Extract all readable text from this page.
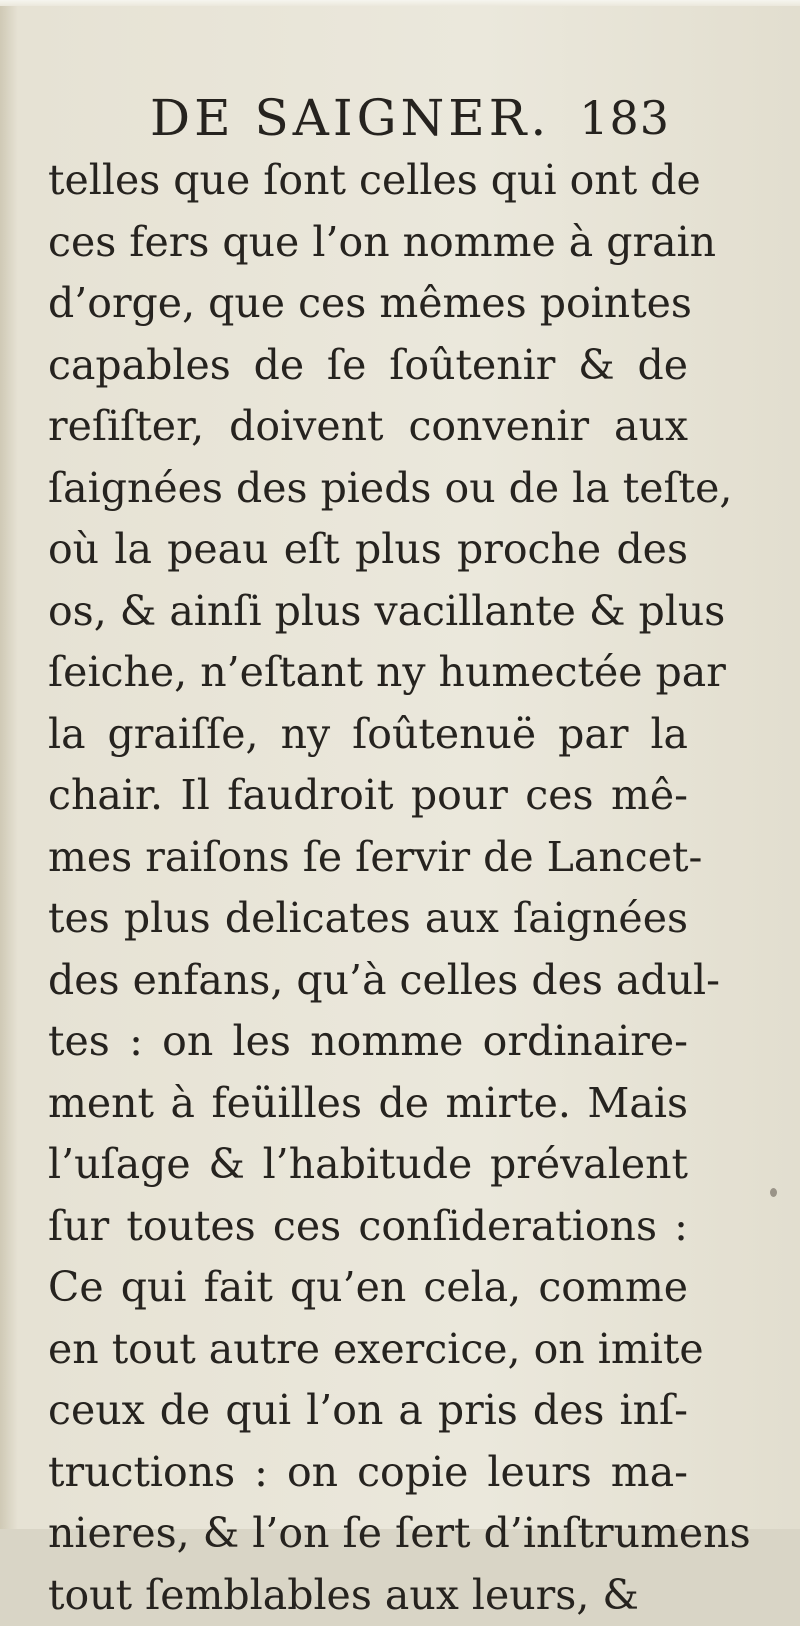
DE SAIGNER. 183
telles que ſont celles qui ont de
ces fers que l’on nomme à grain
d’orge, que ces mêmes pointes
capables de ſe ſoûtenir & de
reſiſter, doivent convenir aux
ſaignées des pieds ou de la teſte,
où la peau eſt plus proche des
os, & ainſi plus vacillante & plus
ſeiche, n’eſtant ny humectée par
la graiſſe, ny ſoûtenuë par la
chair. Il faudroit pour ces mê-
mes raiſons ſe ſervir de Lancet-
tes plus delicates aux ſaignées
des enfans, qu’à celles des adul-
tes : on les nomme ordinaire-
ment à feüilles de mirte. Mais
l’uſage & l’habitude prévalent
ſur toutes ces conſiderations :
Ce qui fait qu’en cela, comme
en tout autre exercice, on imite
ceux de qui l’on a pris des inſ-
tructions : on copie leurs ma-
nieres, & l’on ſe ſert d’inſtrumens
tout ſemblables aux leurs, &
